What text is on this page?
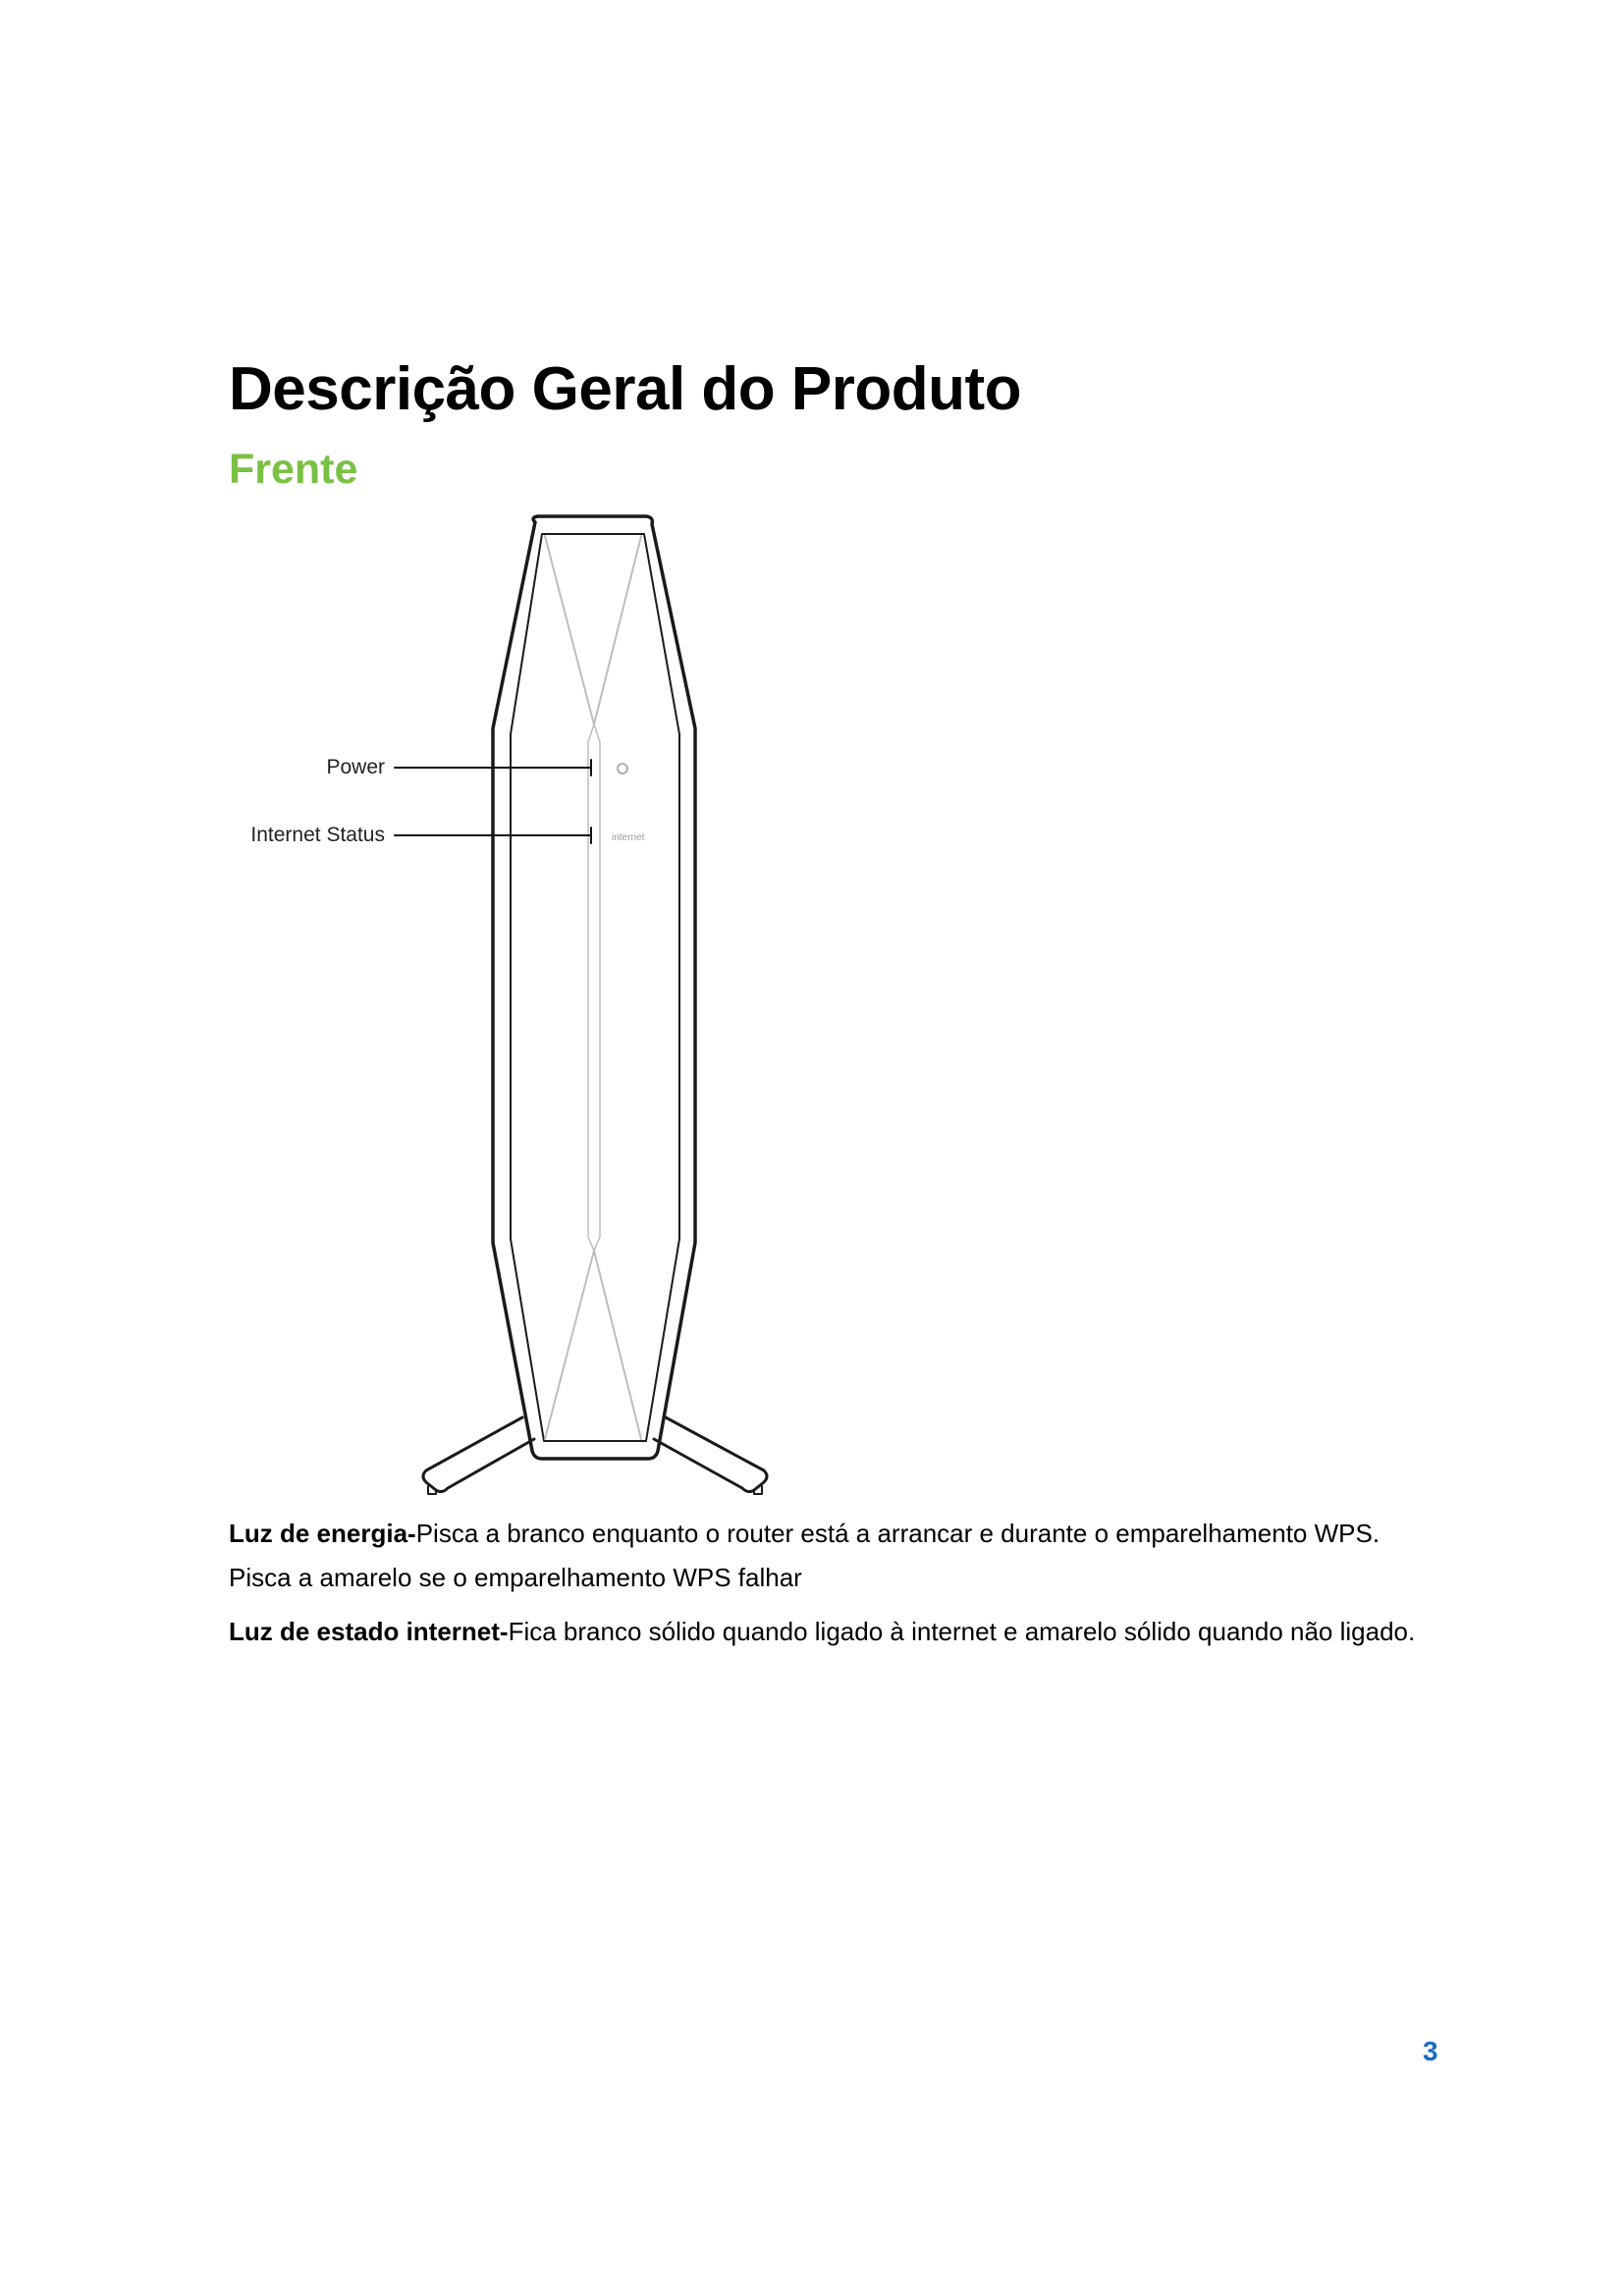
Descrição Geral do Produto
Frente
internet
Power
Internet Status

Luz de energia-Pisca a branco enquanto o router está a arrancar e durante o emparelhamento WPS. Pisca a amarelo se o emparelhamento WPS falhar

Luz de estado internet-Fica branco sólido quando ligado à internet e amarelo sólido quando não ligado.

3
